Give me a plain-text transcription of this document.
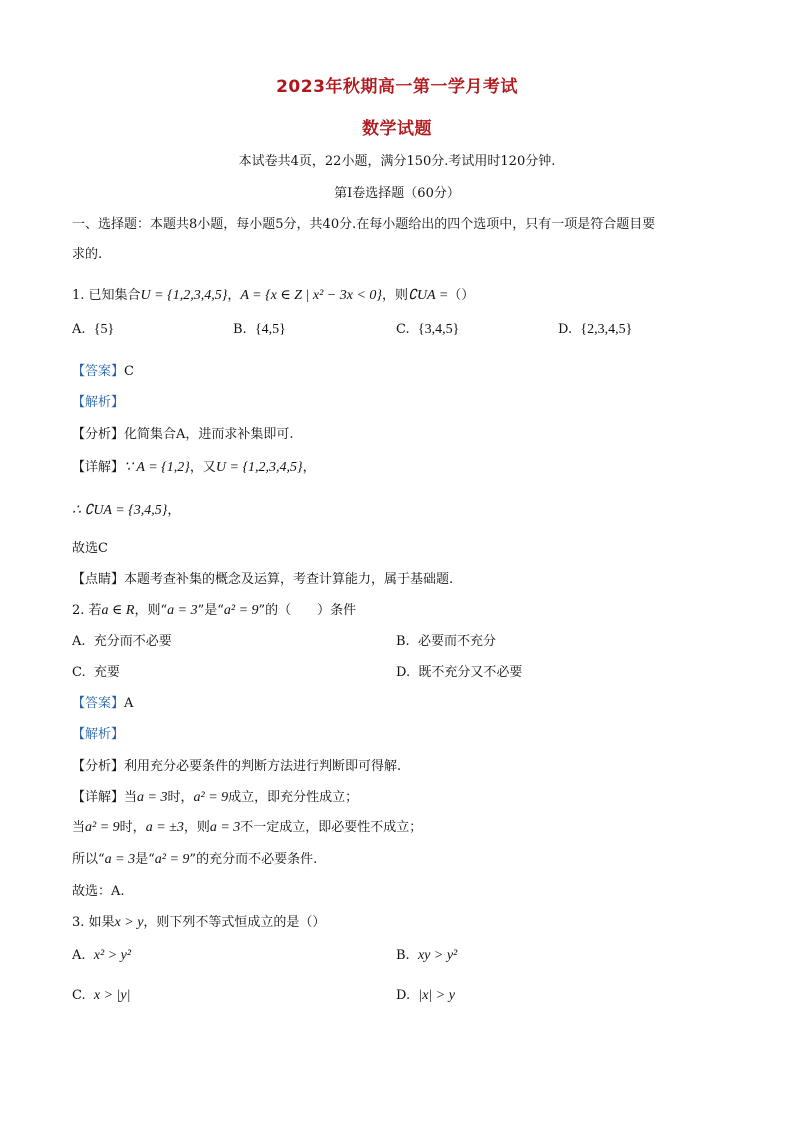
2023年秋期高一第一学月考试
数学试题
本试卷共4页，22小题，满分150分.考试用时120分钟.
第I卷选择题（60分）
一、选择题：本题共8小题，每小题5分，共40分.在每小题给出的四个选项中，只有一项是符合题目要
求的.
1. 已知集合U = {1,2,3,4,5}，A = {x ∈ Z | x² − 3x < 0}，则∁UA =（）
A. {5}	B. {4,5}	C. {3,4,5}	D. {2,3,4,5}
【答案】C
【解析】
【分析】化简集合A，进而求补集即可.
【详解】∵ A = {1,2}，又U = {1,2,3,4,5}，
∴ ∁UA = {3,4,5}，
故选C
【点睛】本题考查补集的概念及运算，考查计算能力，属于基础题.
2. 若a ∈ R，则“a = 3”是“a² = 9”的（　　）条件
A. 充分而不必要	B. 必要而不充分
C. 充要	D. 既不充分又不必要
【答案】A
【解析】
【分析】利用充分必要条件的判断方法进行判断即可得解.
【详解】当a = 3时，a² = 9成立，即充分性成立；
当a² = 9时，a = ±3，则a = 3不一定成立，即必要性不成立；
所以“a = 3是“a² = 9”的充分而不必要条件.
故选：A.
3. 如果x > y，则下列不等式恒成立的是（）
A. x² > y²	B. xy > y²
C. x > |y|	D. |x| > y
